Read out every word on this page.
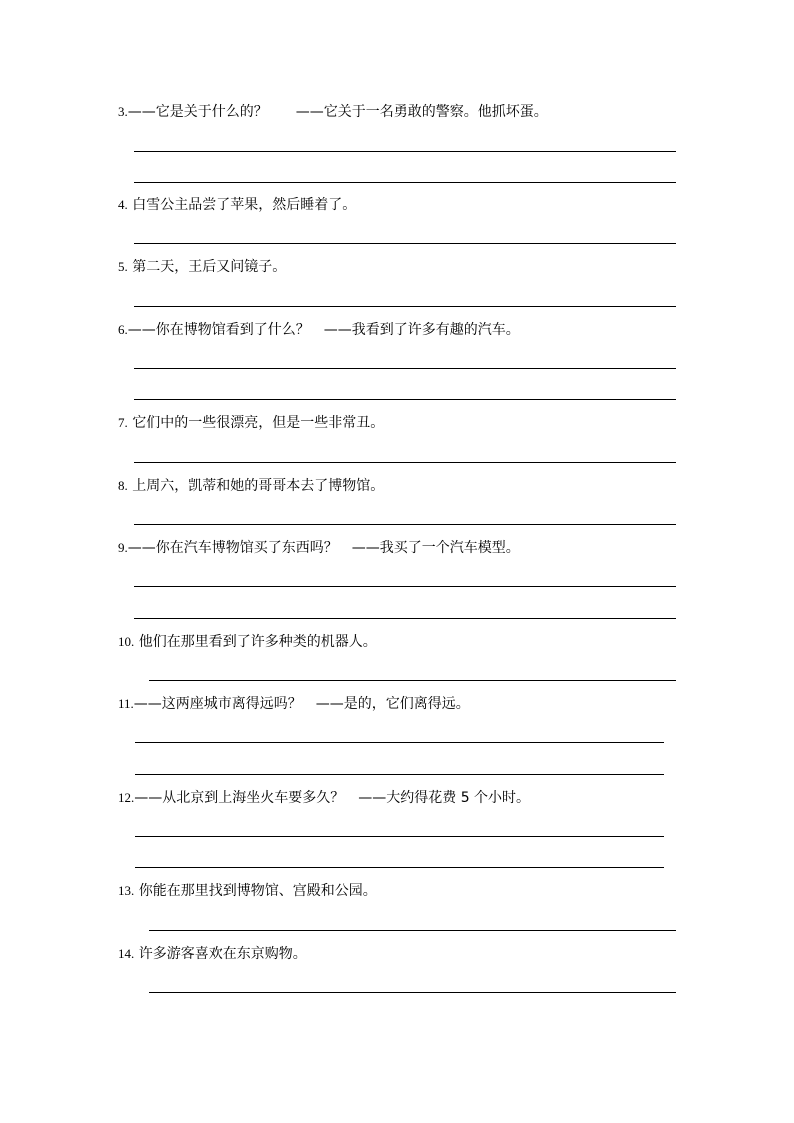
3.——它是关于什么的？　　——它关于一名勇敢的警察。他抓坏蛋。
4. 白雪公主品尝了苹果，然后睡着了。
5. 第二天，王后又问镜子。
6.——你在博物馆看到了什么？　——我看到了许多有趣的汽车。
7. 它们中的一些很漂亮，但是一些非常丑。
8. 上周六，凯蒂和她的哥哥本去了博物馆。
9.——你在汽车博物馆买了东西吗？　——我买了一个汽车模型。
10. 他们在那里看到了许多种类的机器人。
11.——这两座城市离得远吗？　——是的，它们离得远。
12.——从北京到上海坐火车要多久？　——大约得花费 5 个小时。
13. 你能在那里找到博物馆、宫殿和公园。
14. 许多游客喜欢在东京购物。
